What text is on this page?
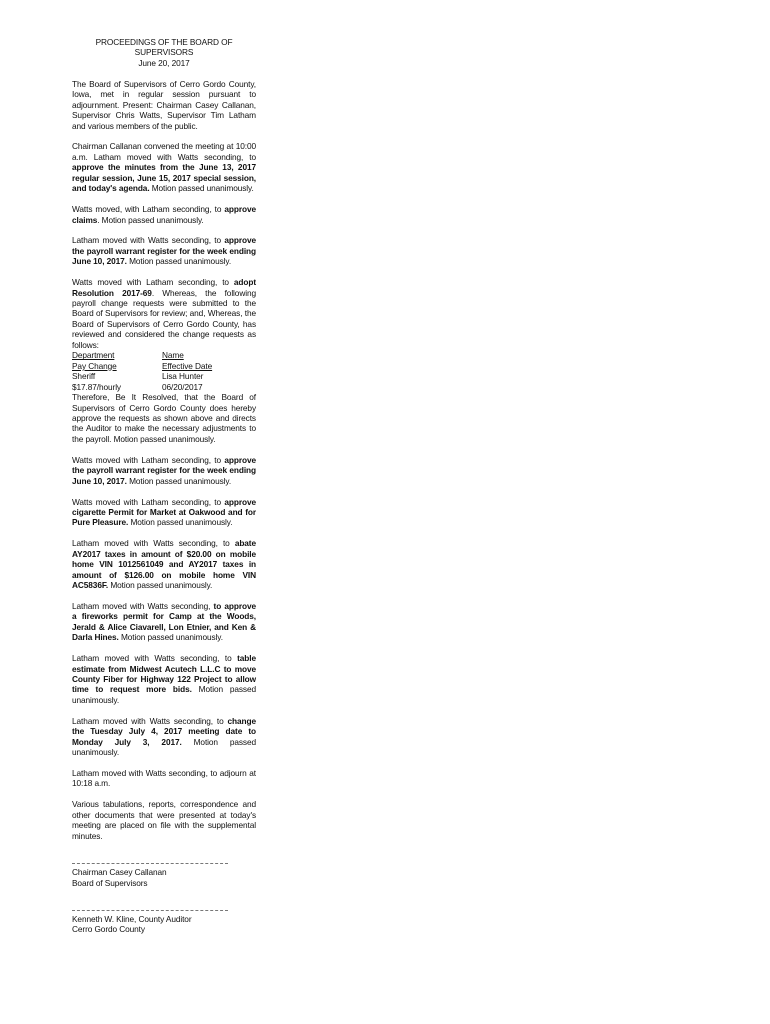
PROCEEDINGS OF THE BOARD OF SUPERVISORS
June 20, 2017

The Board of Supervisors of Cerro Gordo County, Iowa, met in regular session pursuant to adjournment. Present: Chairman Casey Callanan, Supervisor Chris Watts, Supervisor Tim Latham and various members of the public.

Chairman Callanan convened the meeting at 10:00 a.m. Latham moved with Watts seconding, to approve the minutes from the June 13, 2017 regular session, June 15, 2017 special session, and today's agenda. Motion passed unanimously.

Watts moved, with Latham seconding, to approve claims. Motion passed unanimously.

Latham moved with Watts seconding, to approve the payroll warrant register for the week ending June 10, 2017. Motion passed unanimously.

Watts moved with Latham seconding, to adopt Resolution 2017-69. Whereas, the following payroll change requests were submitted to the Board of Supervisors for review; and, Whereas, the Board of Supervisors of Cerro Gordo County, has reviewed and considered the change requests as follows:

Department	Name
Pay Change	Effective Date
Sheriff	Lisa Hunter
$17.87/hourly	06/20/2017

Therefore, Be It Resolved, that the Board of Supervisors of Cerro Gordo County does hereby approve the requests as shown above and directs the Auditor to make the necessary adjustments to the payroll. Motion passed unanimously.

Watts moved with Latham seconding, to approve the payroll warrant register for the week ending June 10, 2017. Motion passed unanimously.

Watts moved with Latham seconding, to approve cigarette Permit for Market at Oakwood and for Pure Pleasure. Motion passed unanimously.

Latham moved with Watts seconding, to abate AY2017 taxes in amount of $20.00 on mobile home VIN 1012561049 and AY2017 taxes in amount of $126.00 on mobile home VIN AC5836F. Motion passed unanimously.

Latham moved with Watts seconding, to approve a fireworks permit for Camp at the Woods, Jerald & Alice Ciavarell, Lon Etnier, and Ken & Darla Hines. Motion passed unanimously.

Latham moved with Watts seconding, to table estimate from Midwest Acutech L.L.C to move County Fiber for Highway 122 Project to allow time to request more bids. Motion passed unanimously.

Latham moved with Watts seconding, to change the Tuesday July 4, 2017 meeting date to Monday July 3, 2017. Motion passed unanimously.

Latham moved with Watts seconding, to adjourn at 10:18 a.m.

Various tabulations, reports, correspondence and other documents that were presented at today's meeting are placed on file with the supplemental minutes.

Chairman Casey Callanan
Board of Supervisors
Kenneth W. Kline, County Auditor
Cerro Gordo County
